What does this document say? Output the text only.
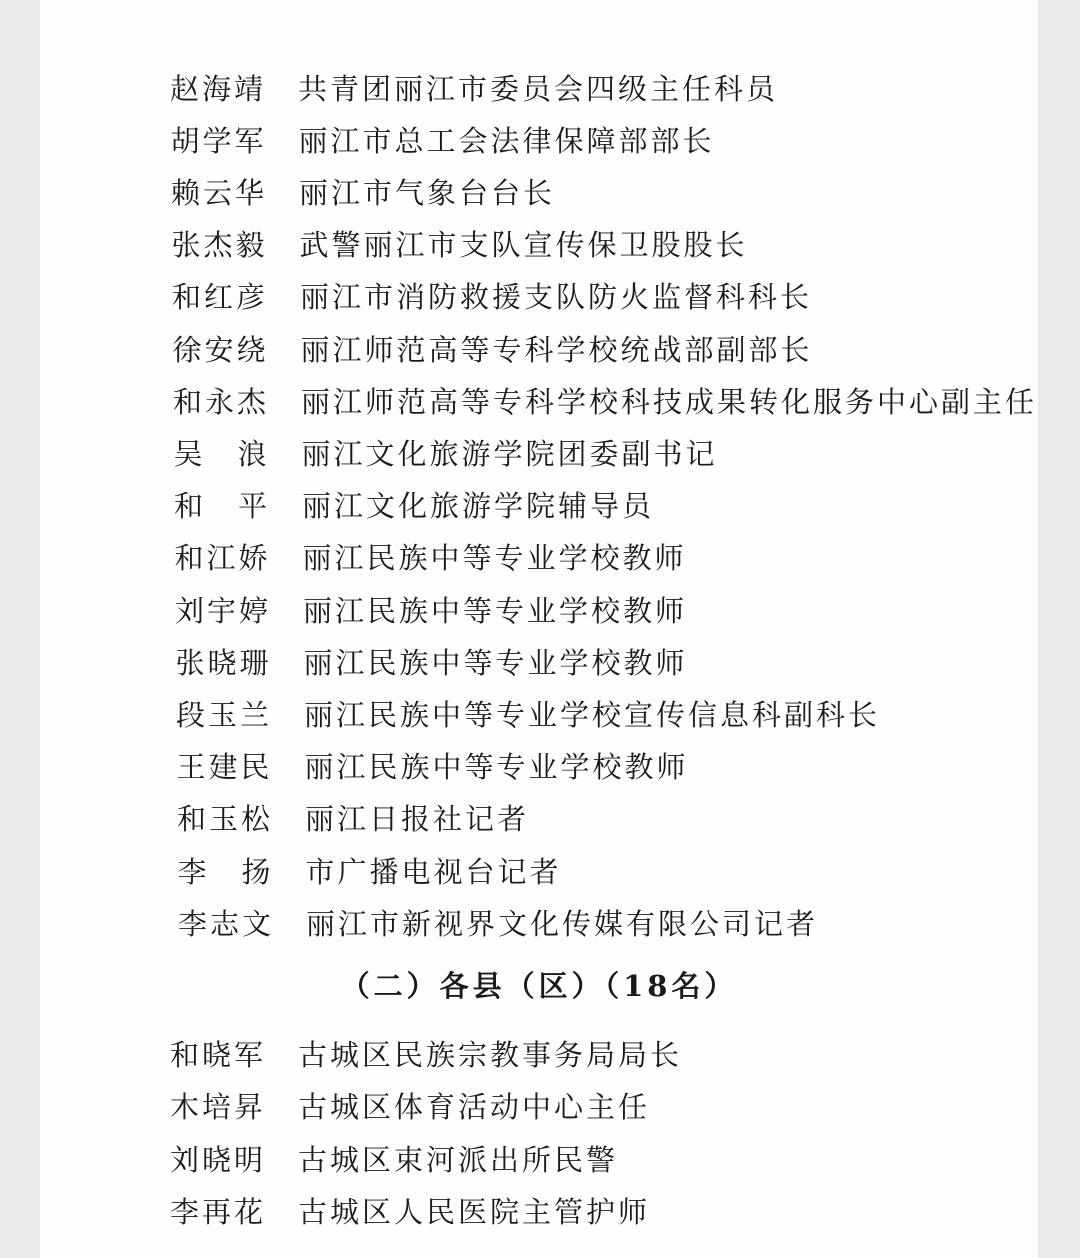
（二）各县（区）（18名）
赵海靖	共青团丽江市委员会四级主任科员
胡学军	丽江市总工会法律保障部部长
赖云华	丽江市气象台台长
张杰毅	武警丽江市支队宣传保卫股股长
和红彦	丽江市消防救援支队防火监督科科长
徐安绕	丽江师范高等专科学校统战部副部长
和永杰	丽江师范高等专科学校科技成果转化服务中心副主任
吴　浪	丽江文化旅游学院团委副书记
和　平	丽江文化旅游学院辅导员
和江娇	丽江民族中等专业学校教师
刘宇婷	丽江民族中等专业学校教师
张晓珊	丽江民族中等专业学校教师
段玉兰	丽江民族中等专业学校宣传信息科副科长
王建民	丽江民族中等专业学校教师
和玉松	丽江日报社记者
李　扬	市广播电视台记者
李志文	丽江市新视界文化传媒有限公司记者
和晓军	古城区民族宗教事务局局长
木培昇	古城区体育活动中心主任
刘晓明	古城区束河派出所民警
李再花	古城区人民医院主管护师
